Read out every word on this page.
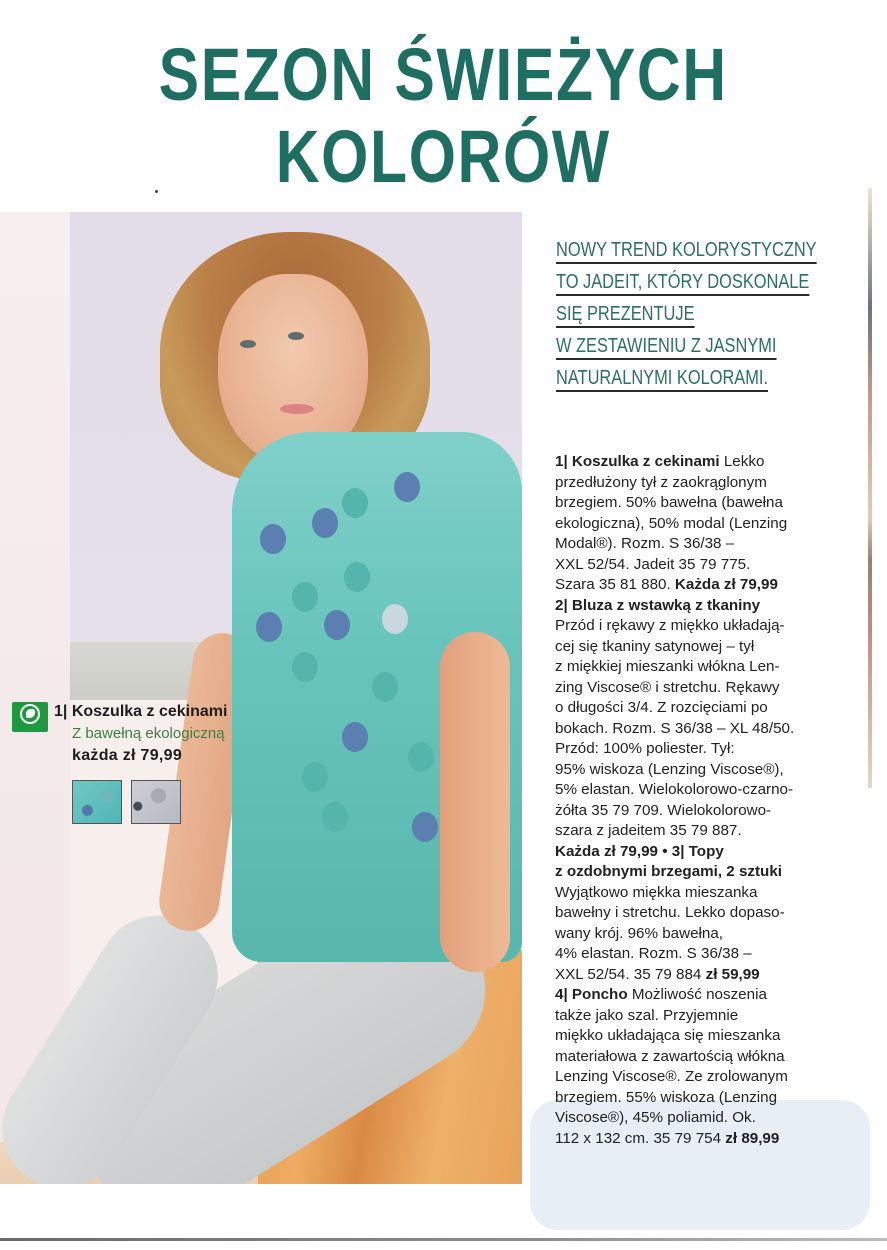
SEZON ŚWIEŻYCH
KOLORÓW
1| Koszulka z cekinami
Z bawełną ekologiczną
każda zł 79,99
NOWY TREND KOLORYSTYCZNY
TO JADEIT, KTÓRY DOSKONALE
SIĘ PREZENTUJE
W ZESTAWIENIU Z JASNYMI
NATURALNYMI KOLORAMI.
1| Koszulka z cekinami Lekko
przedłużony tył z zaokrąglonym
brzegiem. 50% bawełna (bawełna
ekologiczna), 50% modal (Lenzing
Modal®). Rozm. S 36/38 –
XXL 52/54. Jadeit 35 79 775.
Szara 35 81 880. Każda zł 79,99
2| Bluza z wstawką z tkaniny
Przód i rękawy z miękko układają-
cej się tkaniny satynowej – tył
z miękkiej mieszanki włókna Len-
zing Viscose® i stretchu. Rękawy
o długości 3/4. Z rozcięciami po
bokach. Rozm. S 36/38 – XL 48/50.
Przód: 100% poliester. Tył:
95% wiskoza (Lenzing Viscose®),
5% elastan. Wielokolorowo-czarno-
żółta 35 79 709. Wielokolorowo-
szara z jadeitem 35 79 887.
Każda zł 79,99 • 3| Topy
z ozdobnymi brzegami, 2 sztuki
Wyjątkowo miękka mieszanka
bawełny i stretchu. Lekko dopaso-
wany krój. 96% bawełna,
4% elastan. Rozm. S 36/38 –
XXL 52/54. 35 79 884 zł 59,99
4| Poncho Możliwość noszenia
także jako szal. Przyjemnie
miękko układająca się mieszanka
materiałowa z zawartością włókna
Lenzing Viscose®. Ze zrolowanym
brzegiem. 55% wiskoza (Lenzing
Viscose®), 45% poliamid. Ok.
112 x 132 cm. 35 79 754 zł 89,99
